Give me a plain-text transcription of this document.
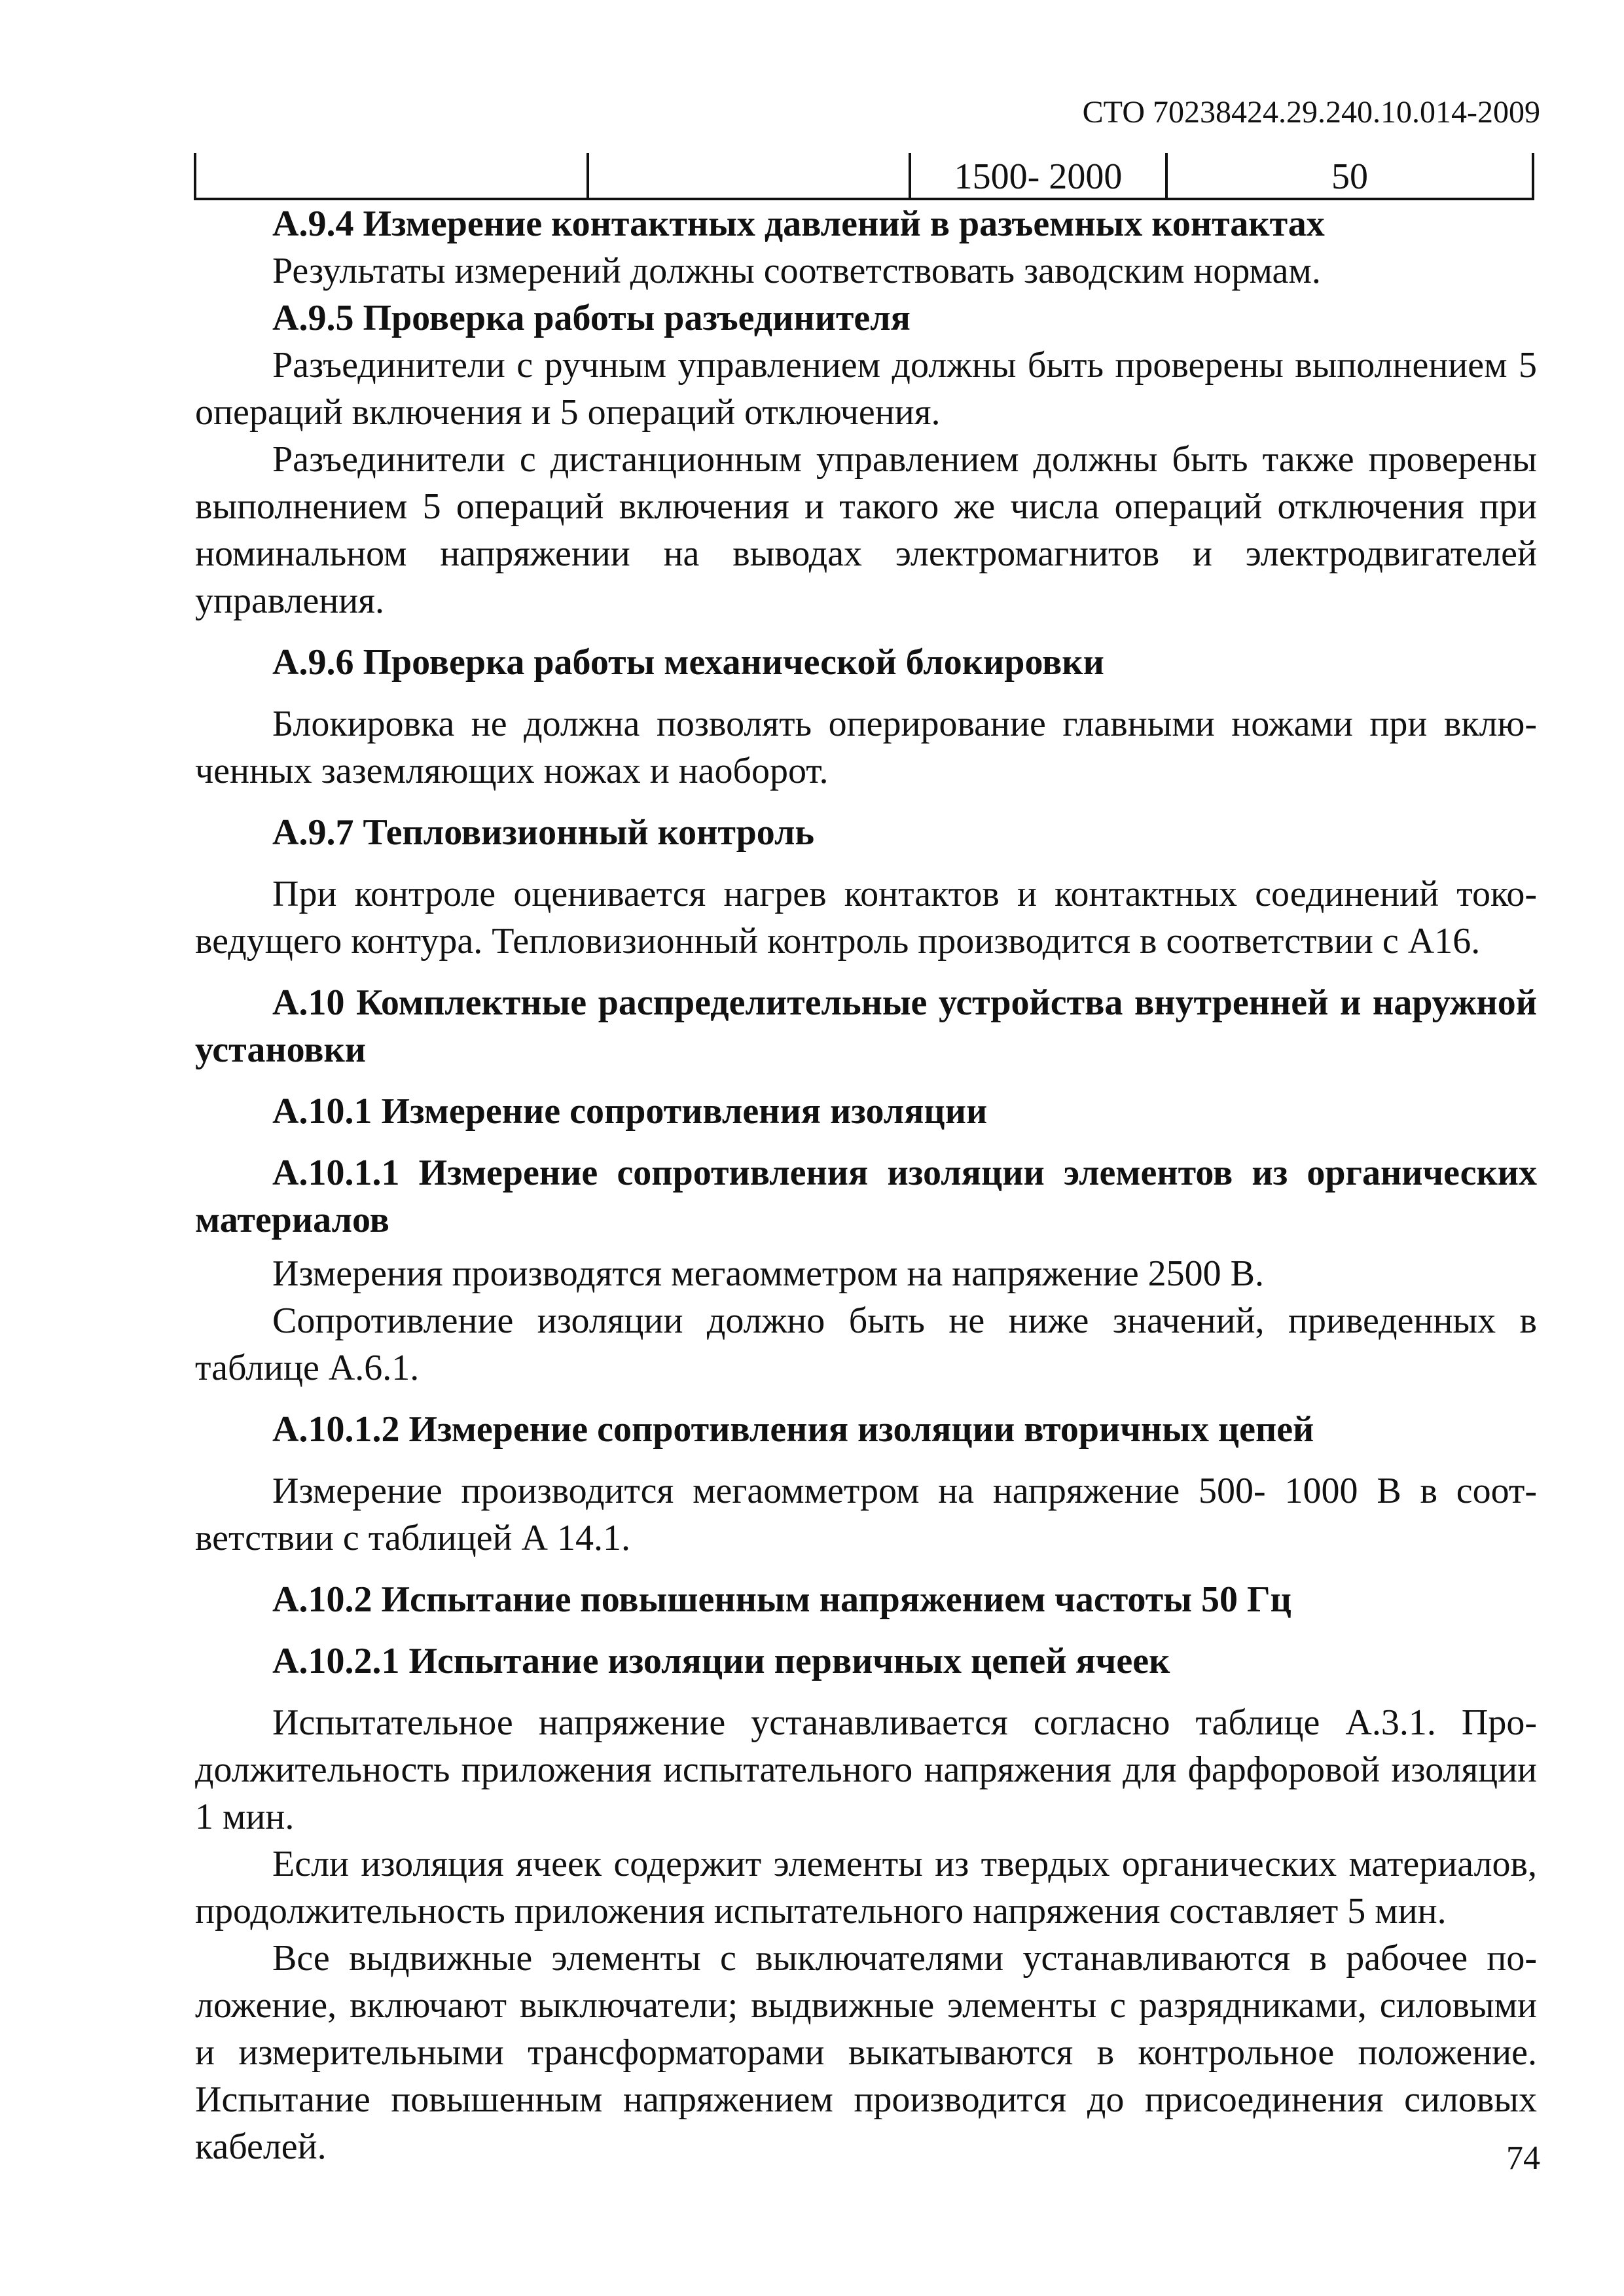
СТО 70238424.29.240.10.014-2009
1500- 2000	50

А.9.4 Измерение контактных давлений в разъемных контактах

Результаты измерений должны соответствовать заводским нормам.

А.9.5 Проверка работы разъединителя

Разъединители с ручным управлением должны быть проверены выполнением 5 операций включения и 5 операций отключения.

Разъединители с дистанционным управлением должны быть также проверены выполнением 5 операций включения и такого же числа операций отключения при номинальном напряжении на выводах электромагнитов и электродвигателей управления.

А.9.6 Проверка работы механической блокировки

Блокировка не должна позволять оперирование главными ножами при включенных заземляющих ножах и наоборот.

А.9.7 Тепловизионный контроль

При контроле оценивается нагрев контактов и контактных соединений токоведущего контура. Тепловизионный контроль производится в соответствии с А16.

А.10 Комплектные распределительные устройства внутренней и наружной установки

А.10.1 Измерение сопротивления изоляции

А.10.1.1 Измерение сопротивления изоляции элементов из органических материалов

Измерения производятся мегаомметром на напряжение 2500 В.

Сопротивление изоляции должно быть не ниже значений, приведенных в таблице А.6.1.

А.10.1.2 Измерение сопротивления изоляции вторичных цепей

Измерение производится мегаомметром на напряжение 500- 1000 В в соответствии с таблицей А 14.1.

А.10.2 Испытание повышенным напряжением частоты 50 Гц

А.10.2.1 Испытание изоляции первичных цепей ячеек

Испытательное напряжение устанавливается согласно таблице А.3.1. Продолжительность приложения испытательного напряжения для фарфоровой изоляции 1 мин.

Если изоляция ячеек содержит элементы из твердых органических материалов, продолжительность приложения испытательного напряжения составляет 5 мин.

Все выдвижные элементы с выключателями устанавливаются в рабочее положение, включают выключатели; выдвижные элементы с разрядниками, силовыми и измерительными трансформаторами выкатываются в контрольное положение. Испытание повышенным напряжением производится до присоединения силовых кабелей.	74
